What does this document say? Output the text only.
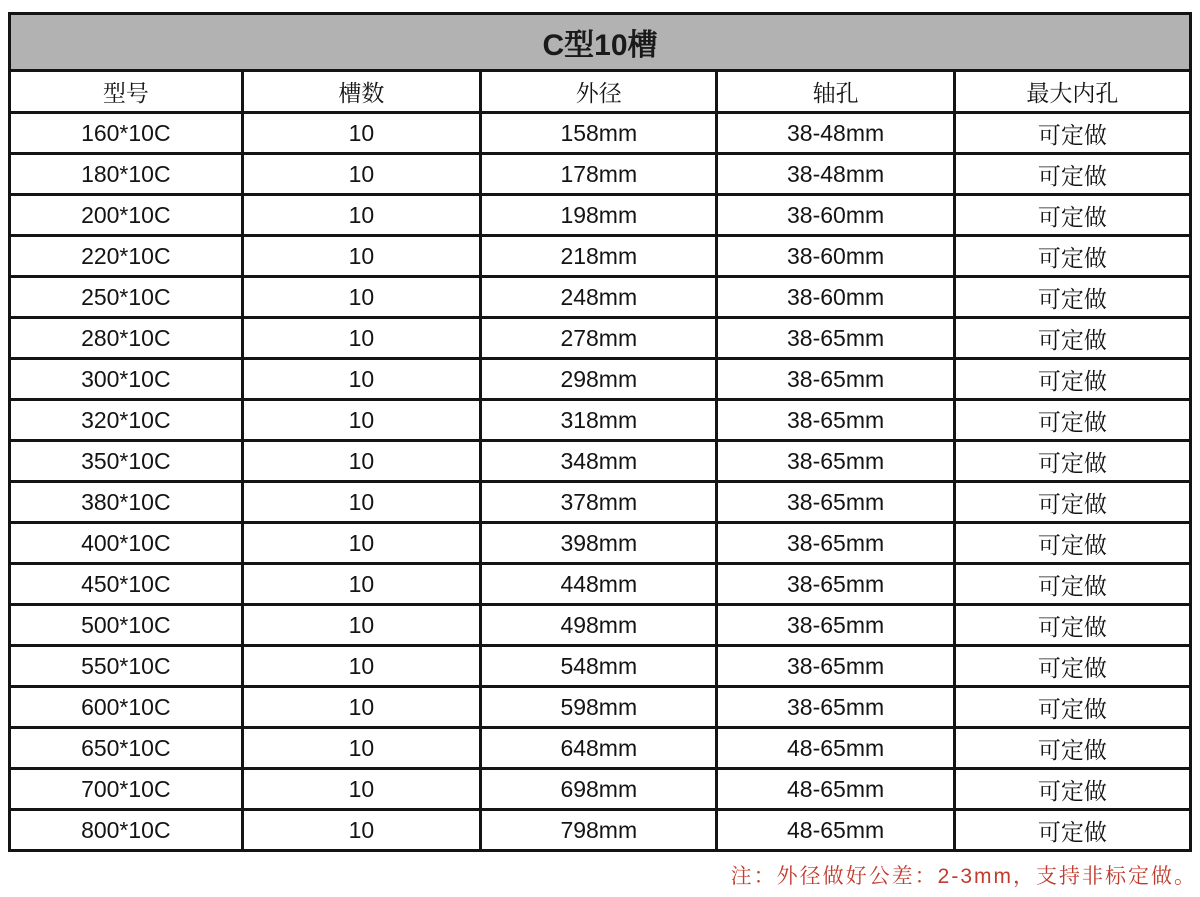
C型10槽				
型号	槽数	外径	轴孔	最大内孔
160*10C	10	158mm	38-48mm	可定做
180*10C	10	178mm	38-48mm	可定做
200*10C	10	198mm	38-60mm	可定做
220*10C	10	218mm	38-60mm	可定做
250*10C	10	248mm	38-60mm	可定做
280*10C	10	278mm	38-65mm	可定做
300*10C	10	298mm	38-65mm	可定做
320*10C	10	318mm	38-65mm	可定做
350*10C	10	348mm	38-65mm	可定做
380*10C	10	378mm	38-65mm	可定做
400*10C	10	398mm	38-65mm	可定做
450*10C	10	448mm	38-65mm	可定做
500*10C	10	498mm	38-65mm	可定做
550*10C	10	548mm	38-65mm	可定做
600*10C	10	598mm	38-65mm	可定做
650*10C	10	648mm	48-65mm	可定做
700*10C	10	698mm	48-65mm	可定做
800*10C	10	798mm	48-65mm	可定做
注：外径做好公差：2-3mm，支持非标定做。
